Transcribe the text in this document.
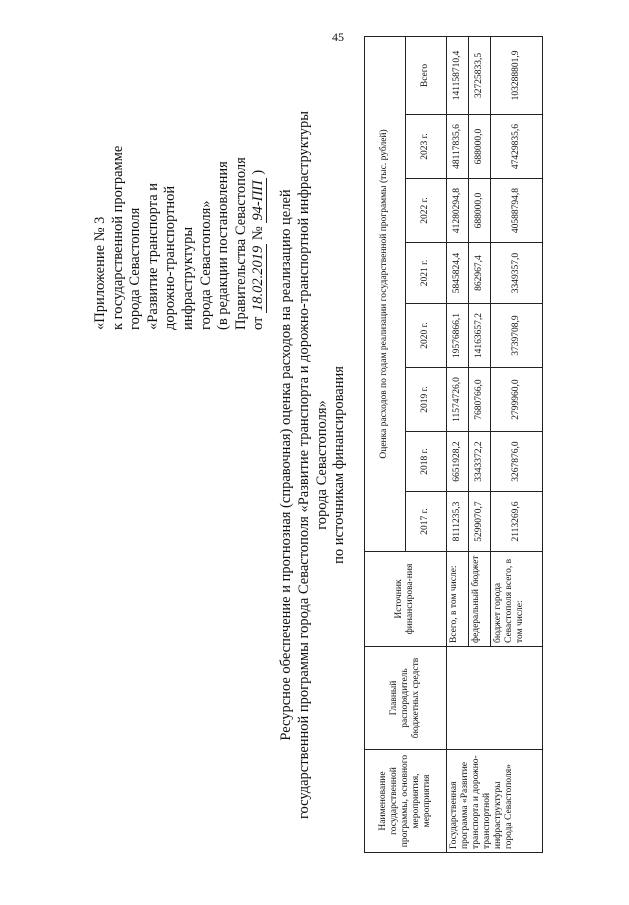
45
«Приложение № 3 к государственной программе города Севастополя «Развитие транспорта и дорожно-транспортной инфраструктуры города Севастополя» (в редакции постановления Правительства Севастополя от 18.02.2019 № 94-ПП )
Ресурсное обеспечение и прогнозная (справочная) оценка расходов на реализацию целей государственной программы города Севастополя «Развитие транспорта и дорожно-транспортной инфраструктуры города Севастополя» по источникам финансирования
Наименование государственной программы, основного мероприятия, мероприятия	Главный распорядитель бюджетных средств	Источник финансирова-ния	Оценка расходов по годам реализации государственной программы (тыс. рублей)							
			2017 г.	2018 г.	2019 г.	2020 г.	2021 г.	2022 г.	2023 г.	Всего
Государственная программа «Развитие транспорта и дорожно-транспортной инфраструктуры города Севастополя»		Всего, в том числе:	8111235,3	6651928,2	11574726,0	19576866,1	5845824,4	41280294,8	48117835,6	141158710,4
		федеральный бюджет	5299070,7	3343372,2	7680766,0	14163657,2	862967,4	688000,0	688000,0	32725833,5
		бюджет города Севастополя всего, в том числе:	2113269,6	3267876,0	2799960,0	3739708,9	3349357,0	40588794,8	47429835,6	103288801,9
